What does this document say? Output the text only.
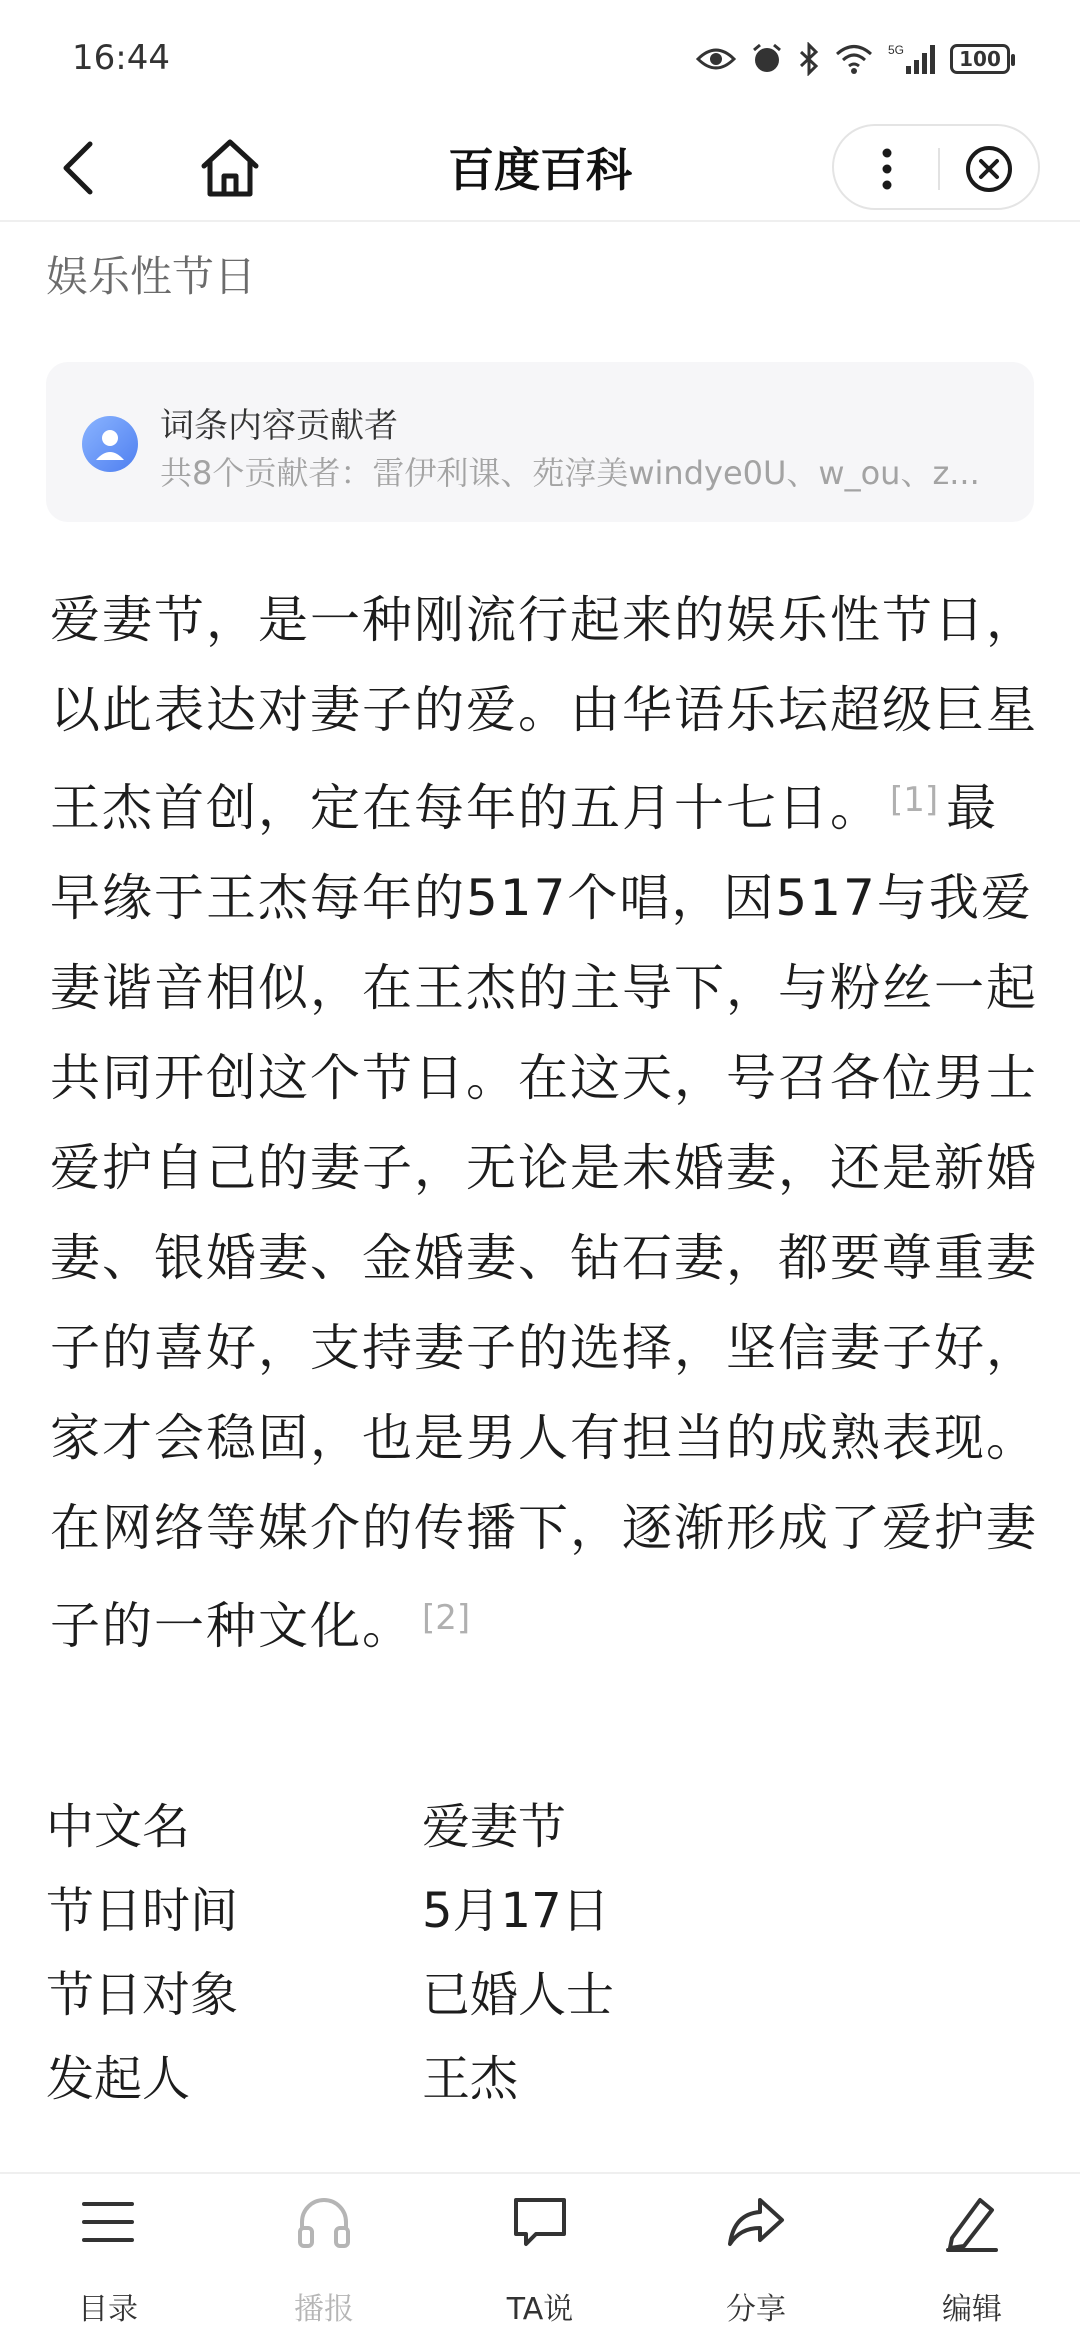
16:44	5G	100
百度百科
娱乐性节日
词条内容贡献者
共8个贡献者：雷伊利课、苑淳美windye0U、w_ou、z...
爱妻节，是一种刚流行起来的娱乐性节日，以此表达对妻子的爱。由华语乐坛超级巨星王杰首创，定在每年的五月十七日。 [1] 最早缘于王杰每年的517个唱，因517与我爱妻谐音相似，在王杰的主导下，与粉丝一起共同开创这个节日。在这天，号召各位男士爱护自己的妻子，无论是未婚妻，还是新婚妻、银婚妻、金婚妻、钻石妻，都要尊重妻子的喜好，支持妻子的选择，坚信妻子好，家才会稳固，也是男人有担当的成熟表现。在网络等媒介的传播下，逐渐形成了爱护妻子的一种文化。 [2]
中文名	爱妻节
节日时间	5月17日
节日对象	已婚人士
发起人	王杰
目录	播报	TA说	分享	编辑
